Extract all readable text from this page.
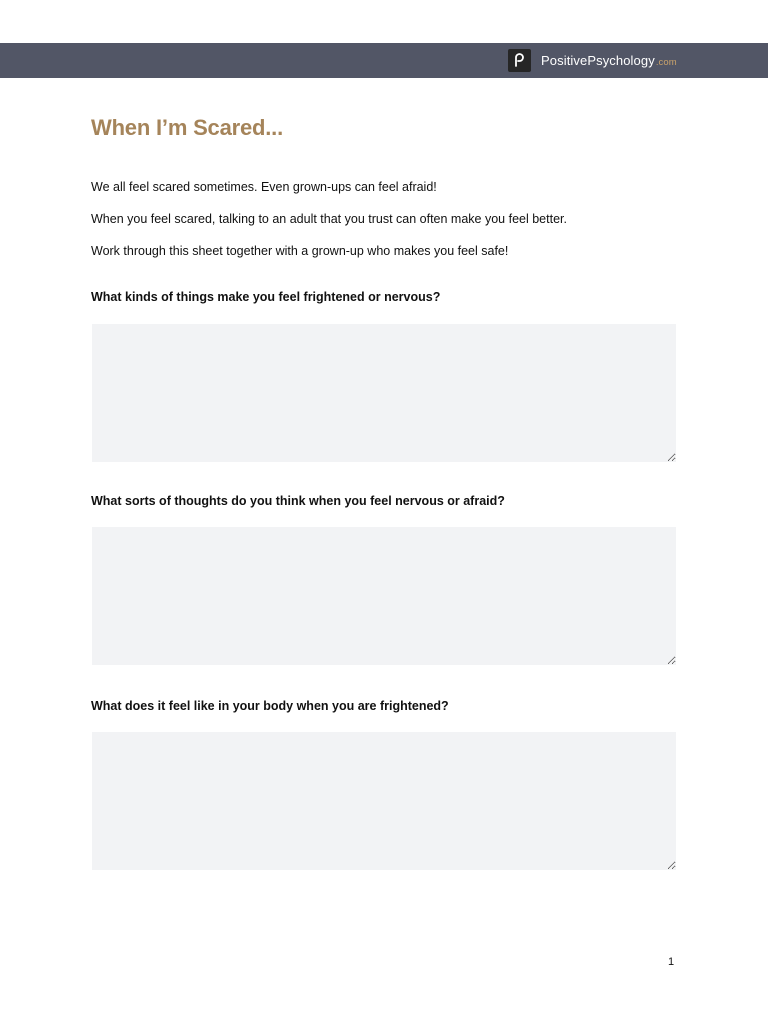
PositivePsychology.com
When I’m Scared...

We all feel scared sometimes. Even grown-ups can feel afraid!

When you feel scared, talking to an adult that you trust can often make you feel better.

Work through this sheet together with a grown-up who makes you feel safe!

What kinds of things make you feel frightened or nervous?

What sorts of thoughts do you think when you feel nervous or afraid?

What does it feel like in your body when you are frightened?

1
